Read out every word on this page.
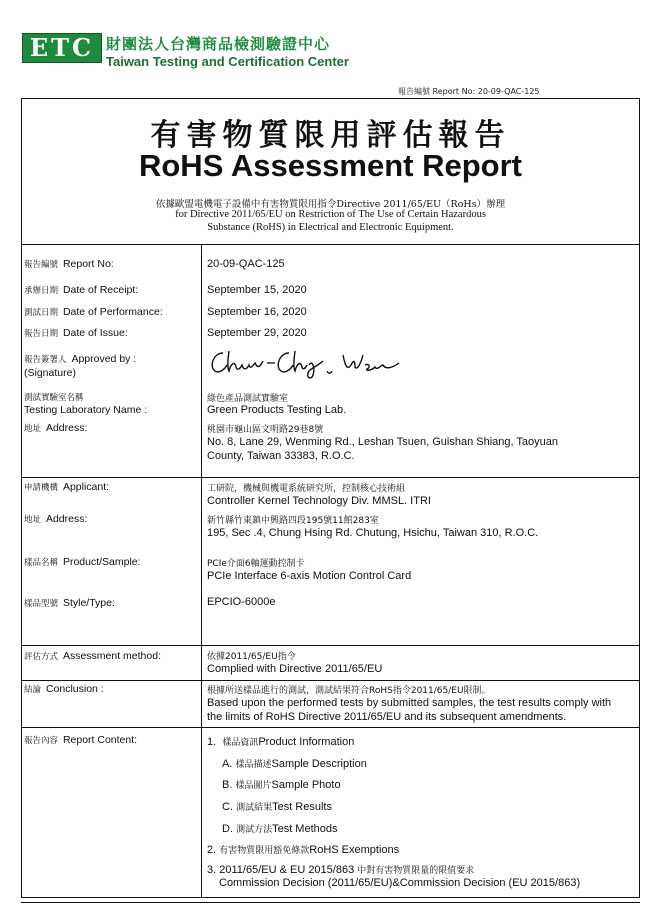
ETC 財團法人台灣商品檢測驗證中心
Taiwan Testing and Certification Center
報告編號 Report No: 20-09-QAC-125
有害物質限用評估報告
RoHS Assessment Report
依據歐盟電機電子設備中有害物質限用指令Directive 2011/65/EU（RoHs）辦理
for Directive 2011/65/EU on Restriction of The Use of Certain Hazardous
Substance (RoHS) in Electrical and Electronic Equipment.
報告編號 Report No:	20-09-QAC-125
承辦日期 Date of Receipt:	September 15, 2020
測試日期 Date of Performance:	September 16, 2020
報告日期 Date of Issue:	September 29, 2020
報告簽署人 Approved by :
(Signature)
測試實驗室名稱
Testing Laboratory Name :
綠色產品測試實驗室
Green Products Testing Lab.
地址 Address:	桃園市龜山區文明路29巷8號
No. 8, Lane 29, Wenming Rd., Leshan Tsuen, Guishan Shiang, Taoyuan
County, Taiwan 33383, R.O.C.
申請機構 Applicant:	工研院，機械與機電系統研究所，控制核心技術組
Controller Kernel Technology Div. MMSL. ITRI
地址 Address:	新竹縣竹東鎮中興路四段195號11館283室
195, Sec .4, Chung Hsing Rd. Chutung, Hsichu, Taiwan 310, R.O.C.
樣品名稱 Product/Sample:	PCIe介面6軸運動控制卡
PCIe Interface 6-axis Motion Control Card
樣品型號 Style/Type:	EPCIO-6000e
評估方式 Assessment method:	依據2011/65/EU指令
Complied with Directive 2011/65/EU
結論 Conclusion :	根據所送樣品進行的測試，測試結果符合RoHS指令2011/65/EU限制。
Based upon the performed tests by submitted samples, the test results comply with
the limits of RoHS Directive 2011/65/EU and its subsequent amendments.
報告內容 Report Content:	1. 樣品資訊Product Information
A. 樣品描述Sample Description
B. 樣品圖片Sample Photo
C. 測試結果Test Results
D. 測試方法Test Methods
2. 有害物質限用豁免條款RoHS Exemptions
3. 2011/65/EU & EU 2015/863 中對有害物質限量的限值要求
Commission Decision (2011/65/EU)&Commission Decision (EU 2015/863)
